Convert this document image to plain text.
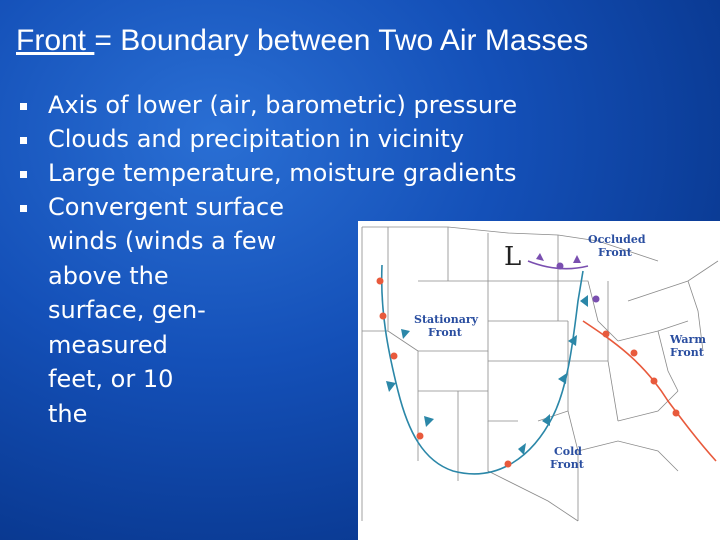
Front = Boundary between Two Air Masses
Axis of lower (air, barometric) pressure
Clouds and precipitation in vicinity
Large temperature, moisture gradients
Convergent surface
winds (winds a few
above the
surface, gen-
measured
feet, or 10
the
L
Occluded
Front
Stationary
Front
Warm
Front
Cold
Front
